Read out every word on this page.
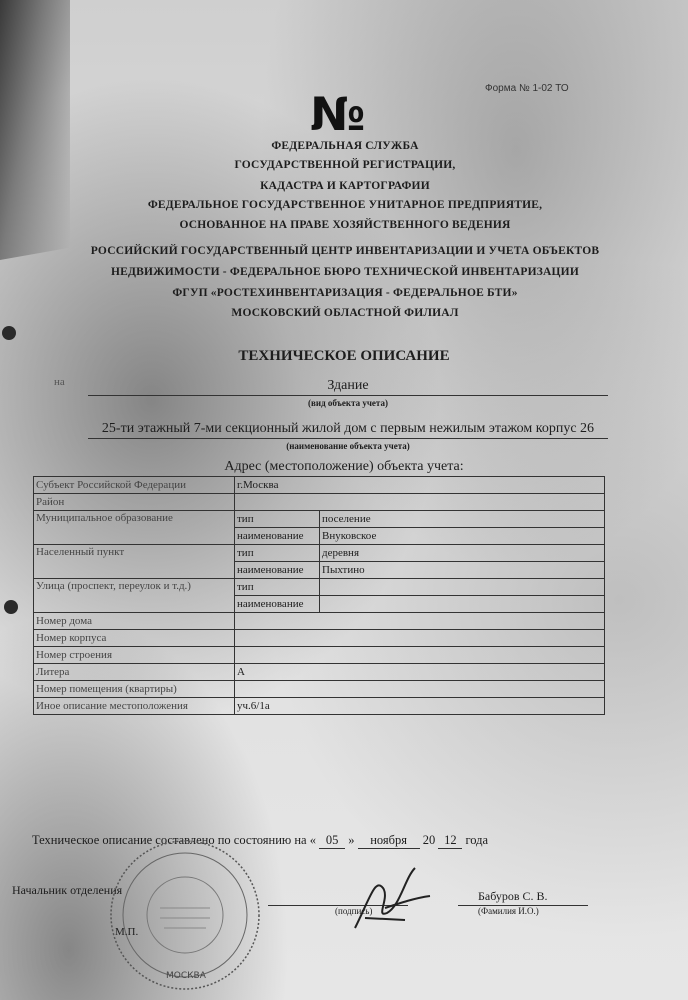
Форма № 1-02 ТО
№
ФЕДЕРАЛЬНАЯ СЛУЖБА
ГОСУДАРСТВЕННОЙ РЕГИСТРАЦИИ,
КАДАСТРА И КАРТОГРАФИИ
ФЕДЕРАЛЬНОЕ ГОСУДАРСТВЕННОЕ УНИТАРНОЕ ПРЕДПРИЯТИЕ,
ОСНОВАННОЕ НА ПРАВЕ ХОЗЯЙСТВЕННОГО ВЕДЕНИЯ
РОССИЙСКИЙ ГОСУДАРСТВЕННЫЙ ЦЕНТР ИНВЕНТАРИЗАЦИИ И УЧЕТА ОБЪЕКТОВ
НЕДВИЖИМОСТИ - ФЕДЕРАЛЬНОЕ БЮРО ТЕХНИЧЕСКОЙ ИНВЕНТАРИЗАЦИИ
ФГУП «РОСТЕХИНВЕНТАРИЗАЦИЯ - ФЕДЕРАЛЬНОЕ БТИ»
МОСКОВСКИЙ ОБЛАСТНОЙ ФИЛИАЛ
ТЕХНИЧЕСКОЕ ОПИСАНИЕ
на	Здание
(вид объекта учета)
25-ти этажный 7-ми секционный жилой дом с первым нежилым этажом корпус 26
(наименование объекта учета)
Адрес (местоположение) объекта учета:
Субъект Российской Федерации	г.Москва	
Район		
Муниципальное образование	тип	поселение
	наименование	Внуковское
Населенный пункт	тип	деревня
	наименование	Пыхтино
Улица (проспект, переулок и т.д.)	тип	
	наименование	
Номер дома		
Номер корпуса		
Номер строения		
Литера	А	
Номер помещения (квартиры)		
Иное описание местоположения	уч.6/1а	
Техническое описание составлено по состоянию на « 05 » ноября 20 12 года
МОСКВА
Начальник отделения
(подпись)
Бабуров С. В.
(Фамилия И.О.)
М.П.
